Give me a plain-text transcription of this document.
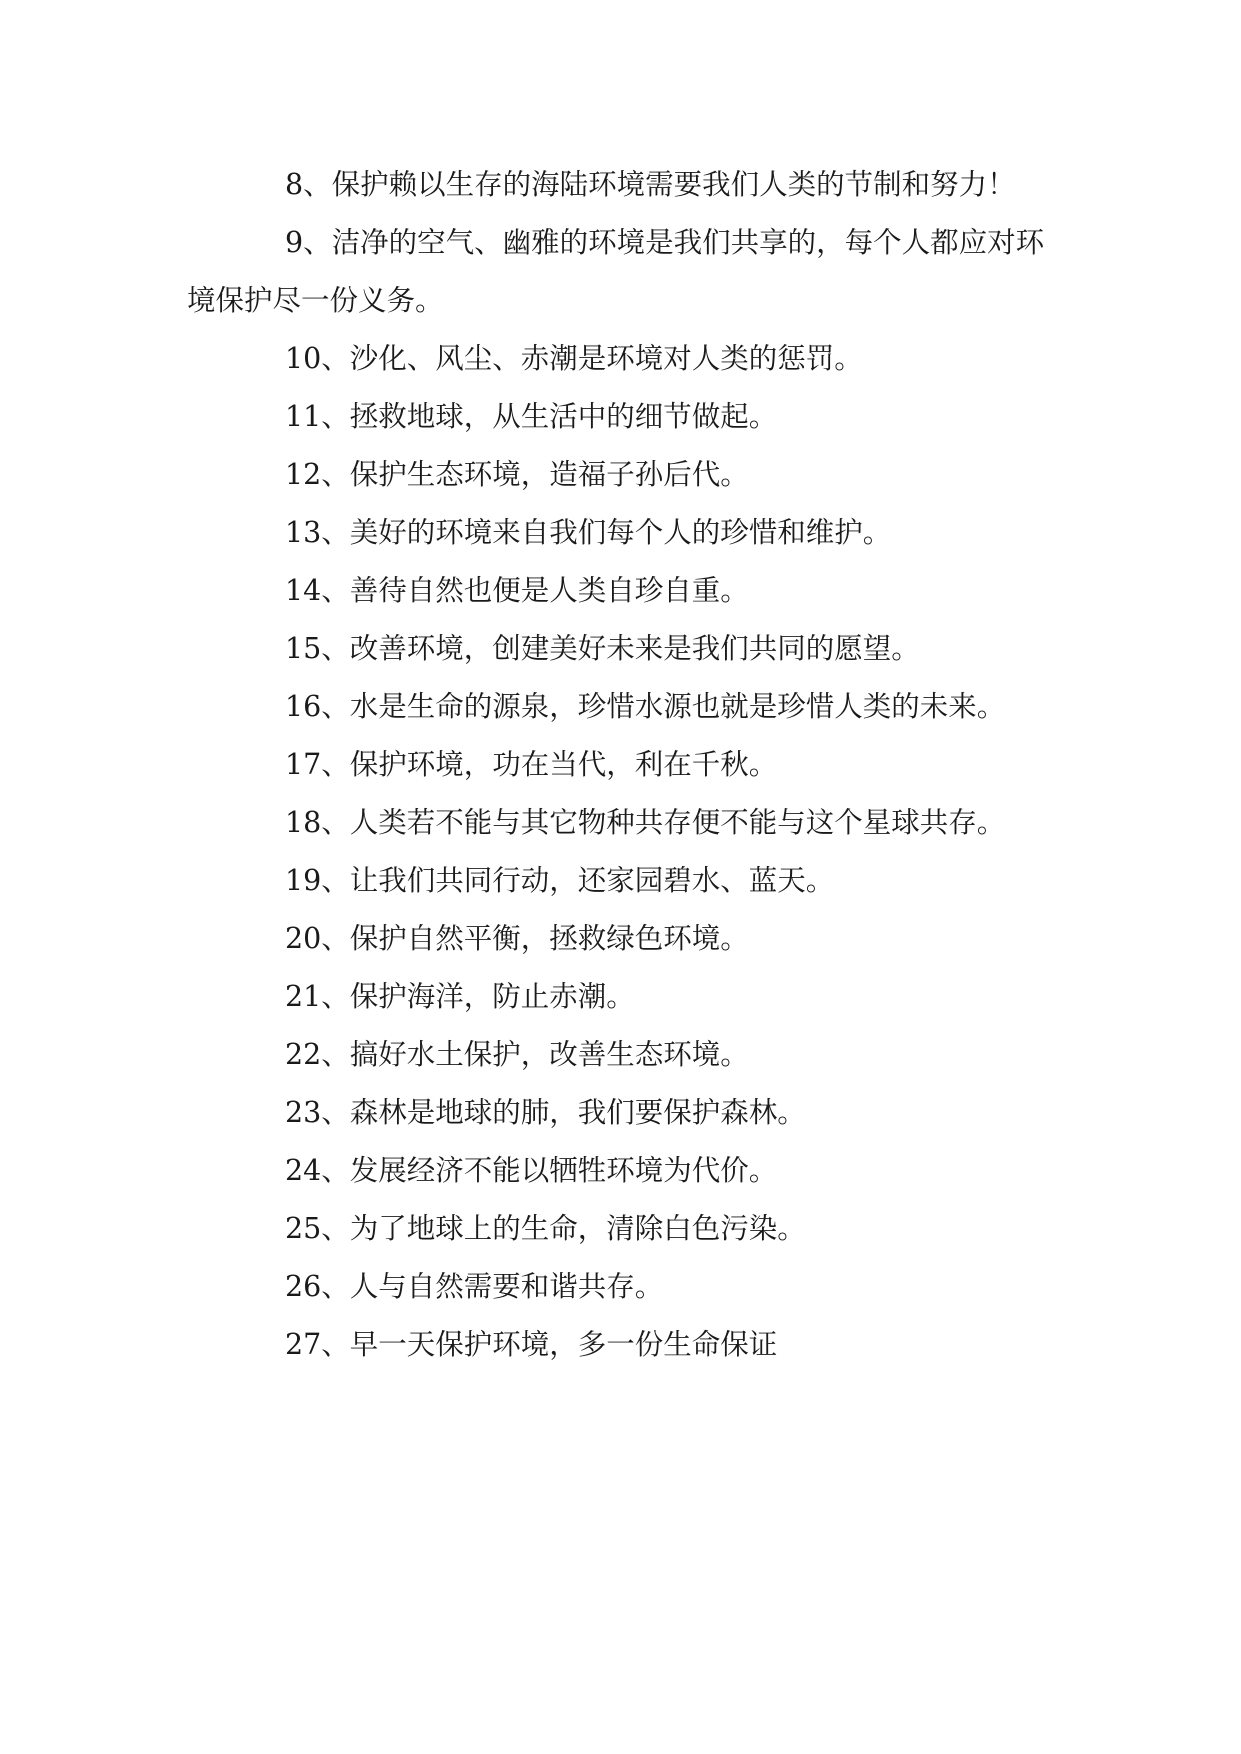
8、保护赖以生存的海陆环境需要我们人类的节制和努力！

9、洁净的空气、幽雅的环境是我们共享的，每个人都应对环境保护尽一份义务。

10、沙化、风尘、赤潮是环境对人类的惩罚。

11、拯救地球，从生活中的细节做起。

12、保护生态环境，造福子孙后代。

13、美好的环境来自我们每个人的珍惜和维护。

14、善待自然也便是人类自珍自重。

15、改善环境，创建美好未来是我们共同的愿望。

16、水是生命的源泉，珍惜水源也就是珍惜人类的未来。

17、保护环境，功在当代，利在千秋。

18、人类若不能与其它物种共存便不能与这个星球共存。

19、让我们共同行动，还家园碧水、蓝天。

20、保护自然平衡，拯救绿色环境。

21、保护海洋，防止赤潮。

22、搞好水土保护，改善生态环境。

23、森林是地球的肺，我们要保护森林。

24、发展经济不能以牺牲环境为代价。

25、为了地球上的生命，清除白色污染。

26、人与自然需要和谐共存。

27、早一天保护环境，多一份生命保证
